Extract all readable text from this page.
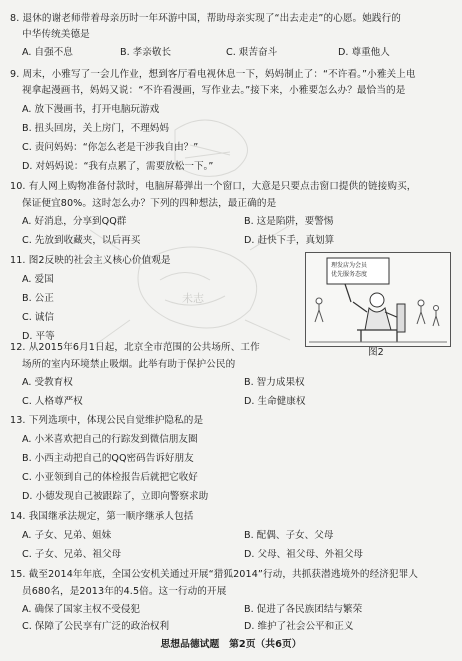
8. 退休的谢老师带着母亲历时一年环游中国，帮助母亲实现了“出去走走”的心愿。她践行的
中华传统美德是
A. 自强不息	B. 孝亲敬长	C. 艰苦奋斗	D. 尊重他人
9. 周末，小雅写了一会儿作业，想到客厅看电视休息一下，妈妈制止了：“不许看。”小雅关上电
视拿起漫画书，妈妈又说：“不许看漫画，写作业去。”接下来，小雅要怎么办？最恰当的是
A. 放下漫画书，打开电脑玩游戏
B. 扭头回房，关上房门，不理妈妈
C. 责问妈妈：“你怎么老是干涉我自由？”
D. 对妈妈说：“我有点累了，需要放松一下。”
10. 有人网上购物准备付款时，电脑屏幕弹出一个窗口，大意是只要点击窗口提供的链接购买，
保证便宜80%。这时怎么办？下列的四种想法，最正确的是
A. 好消息，分享到QQ群	B. 这是陷阱，要警惕
C. 先放到收藏夹，以后再买	D. 赶快下手，真划算
11. 图2反映的社会主义核心价值观是
A. 爱国
B. 公正
C. 诚信
D. 平等
理发店为会员
优先服务态度
图2
未志
12. 从2015年6月1日起，北京全市范围的公共场所、工作
场所的室内环境禁止吸烟。此举有助于保护公民的
A. 受教育权	B. 智力成果权
C. 人格尊严权	D. 生命健康权
13. 下列选项中，体现公民自觉维护隐私的是
A. 小米喜欢把自己的行踪发到微信朋友圈
B. 小西主动把自己的QQ密码告诉好朋友
C. 小亚领到自己的体检报告后就把它收好
D. 小德发现自己被跟踪了，立即向警察求助
14. 我国继承法规定，第一顺序继承人包括
A. 子女、兄弟、姐妹	B. 配偶、子女、父母
C. 子女、兄弟、祖父母	D. 父母、祖父母、外祖父母
15. 截至2014年年底，全国公安机关通过开展“猎狐2014”行动，共抓获潜逃境外的经济犯罪人
员680名，是2013年的4.5倍。这一行动的开展
A. 确保了国家主权不受侵犯	B. 促进了各民族团结与繁荣
C. 保障了公民享有广泛的政治权利	D. 维护了社会公平和正义
思想品德试题　第2页（共6页）
